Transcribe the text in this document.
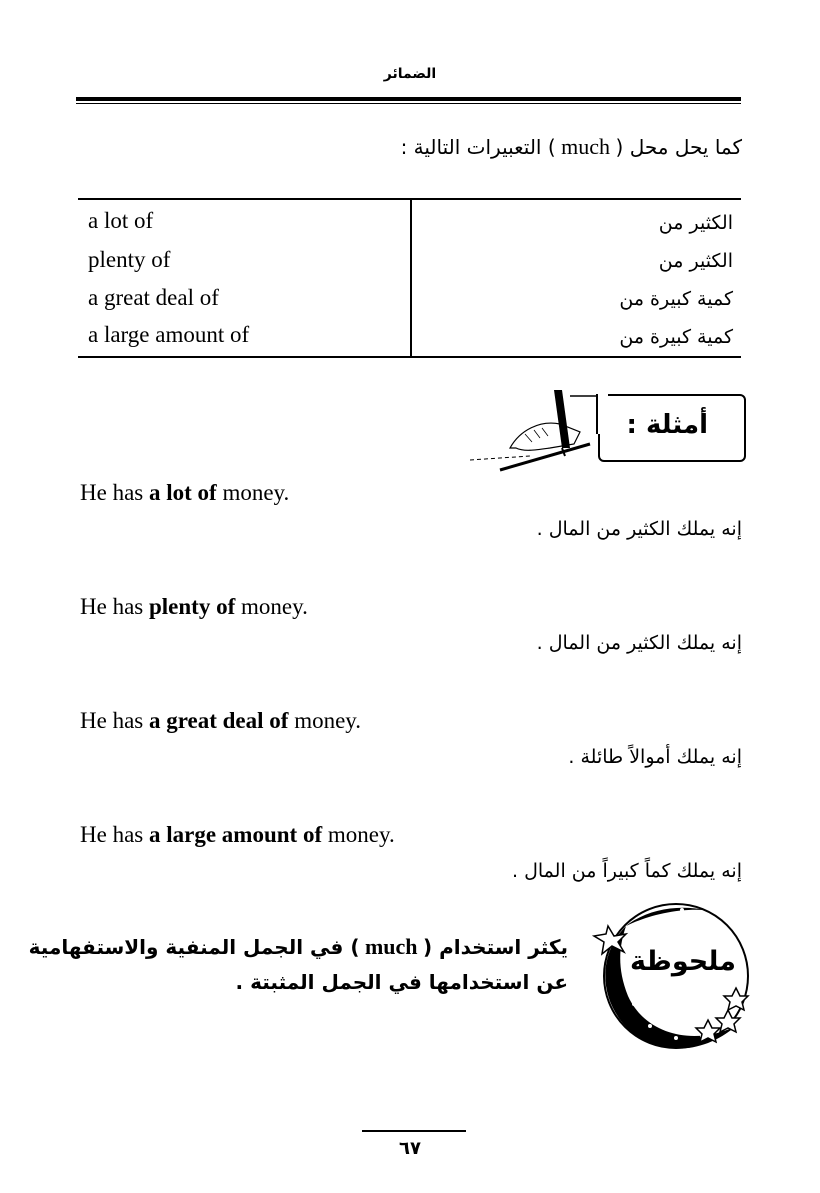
الضمائر
كما يحل محل ( much ) التعبيرات التالية :
a lot of	الكثير من
plenty of	الكثير من
a great deal of	كمية كبيرة من
a large amount of	كمية كبيرة من
أمثلة :
He has a lot of money.
إنه يملك الكثير من المال .
He has plenty of money.
إنه يملك الكثير من المال .
He has a great deal of money.
إنه يملك أموالاً طائلة .
He has a large amount of money.
إنه يملك كماً كبيراً من المال .
يكثر استخدام ( much ) في الجمل المنفية والاستفهامية
عن استخدامها في الجمل المثبتة .
ملحوظة :
٦٧
